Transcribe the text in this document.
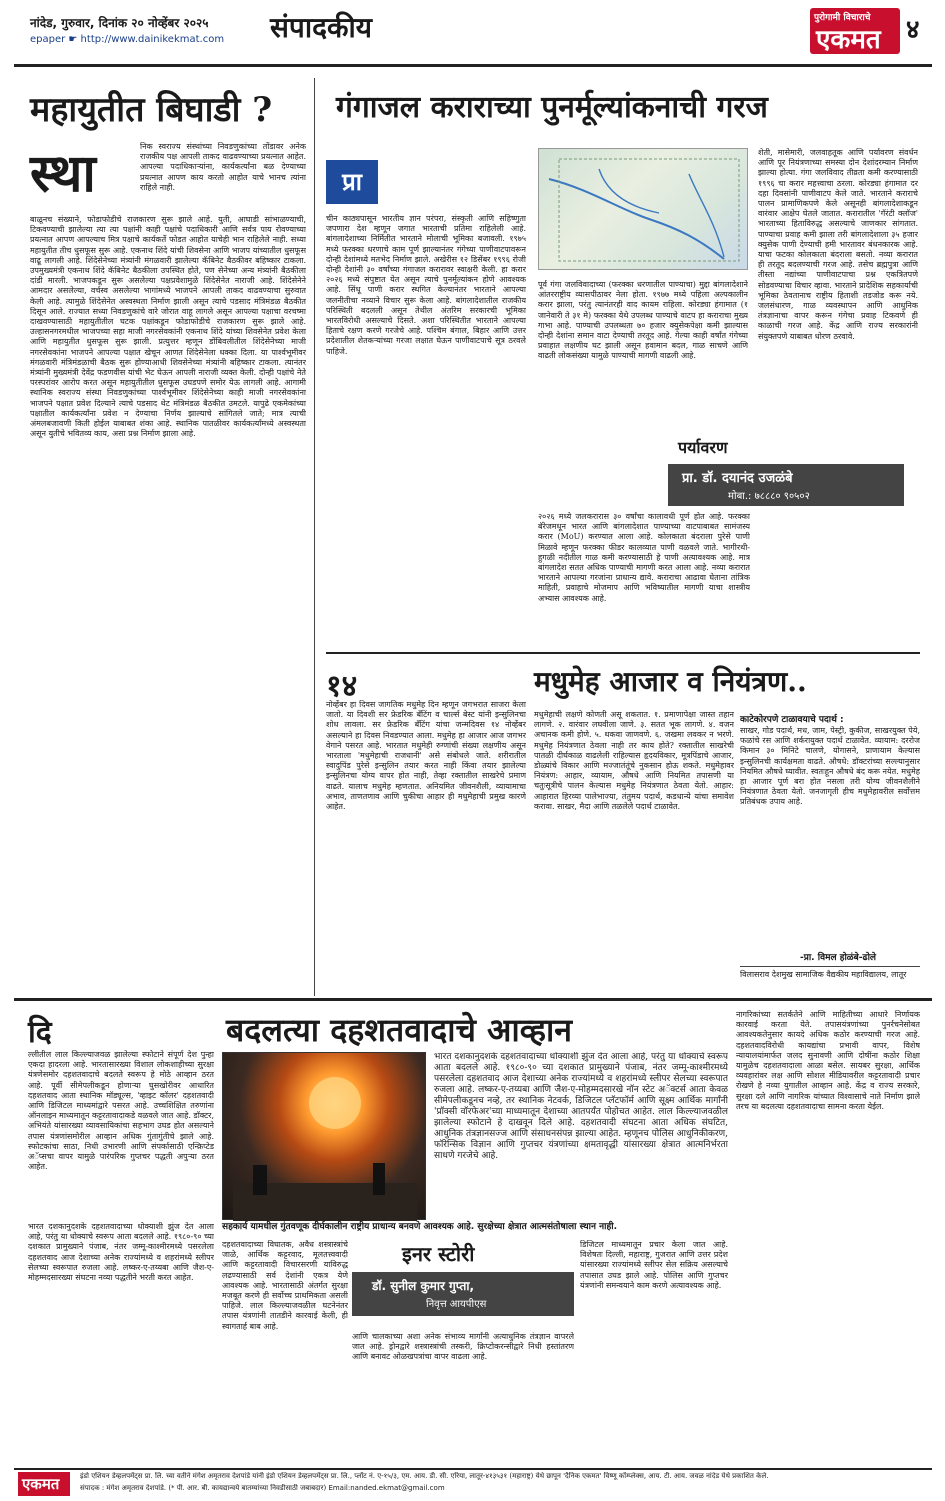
नांदेड, गुरुवार, दिनांक २० नोव्हेंबर २०२५
epaper ☛ http://www.dainikekmat.com संपादकीय	पुरोगामी विचाराचे
एकमत ४
महायुतीत बिघाडी ?
स्था	निक स्वराज्य संस्थांच्या निवडणुकांच्या तोंडावर अनेक राजकीय पक्ष आपली ताकद वाढवण्याच्या प्रयत्नात आहेत. आपल्या पदाधिकाऱ्यांना, कार्यकर्त्यांना बळ देण्याच्या प्रयत्नात आपण काय करतो आहोत याचे भानच त्यांना राहिले नाही.
बाळूनच संख्याने, फोडाफोडीचे राजकारण सुरू झाले आहे. युती, आघाडी सांभाळण्याची, टिकवण्याची झालेल्या त्या त्या पक्षांनी काही पक्षांचे पदाधिकारी आणि सर्वत्र पाय रोवण्याच्या प्रयत्नात आपण आपल्याच मित्र पक्षाचे कार्यकर्ते फोडत आहोत याचेही भान राहिलेले नाही. सध्या महायुतीत तीच धुसफूस सुरू आहे. एकनाथ शिंदे यांची शिवसेना आणि भाजप यांच्यातील धुसफूस वाढू लागली आहे. शिंदेसेनेच्या मंत्र्यांनी मंगळवारी झालेल्या कॅबिनेट बैठकीवर बहिष्कार टाकला. उपमुख्यमंत्री एकनाथ शिंदे कॅबिनेट बैठकीला उपस्थित होते, पण सेनेच्या अन्य मंत्र्यांनी बैठकीला दांडी मारली. भाजपकडून सुरू असलेल्या पक्षप्रवेशामुळे शिंदेसेनेत नाराजी आहे. शिंदेसेनेने आमदार असलेल्या, वर्चस्व असलेल्या भागांमध्ये भाजपने आपली ताकद वाढवण्याचा सुरुवात केली आहे. त्यामुळे शिंदेसेनेत अस्वस्थता निर्माण झाली असून त्याचे पडसाद मंत्रिमंडळ बैठकीत दिसून आले. राज्यात सध्या निवडणुकांचे वारे जोरात वाहू लागले असून आपल्या पक्षाचा वरचष्मा दाखवण्यासाठी महायुतीतील घटक पक्षांकडून फोडाफोडीचे राजकारण सुरू झाले आहे. उल्हासनगरमधील भाजपच्या सहा माजी नगरसेवकांनी एकनाथ शिंदे यांच्या शिवसेनेत प्रवेश केला आणि महायुतीत धुसफूस सुरू झाली. प्रत्युत्तर म्हणून डोंबिवलीतील शिंदेसेनेच्या माजी नगरसेवकांना भाजपने आपल्या पक्षात खेचून आणत शिंदेसेनेला धक्का दिला. या पार्श्वभूमीवर मंगळवारी मंत्रिमंडळाची बैठक सुरू होण्याआधी शिवसेनेच्या मंत्र्यांनी बहिष्कार टाकला. त्यानंतर मंत्र्यांनी मुख्यमंत्री देवेंद्र फडणवीस यांची भेट घेऊन आपली नाराजी व्यक्त केली. दोन्ही पक्षांचे नेते परस्परांवर आरोप करत असून महायुतीतील धुसफूस उघडपणे समोर येऊ लागली आहे. आगामी स्थानिक स्वराज्य संस्था निवडणुकांच्या पार्श्वभूमीवर शिंदेसेनेच्या काही माजी नगरसेवकांना भाजपने पक्षात प्रवेश दिल्याने त्याचे पडसाद थेट मंत्रिमंडळ बैठकीत उमटले. यापुढे एकमेकांच्या पक्षातील कार्यकर्त्यांना प्रवेश न देण्याचा निर्णय झाल्याचे सांगितले जाते; मात्र त्याची अंमलबजावणी किती होईल याबाबत शंका आहे. स्थानिक पातळीवर कार्यकर्त्यांमध्ये अस्वस्थता असून युतीचे भवितव्य काय, असा प्रश्न निर्माण झाला आहे.
गंगाजल कराराच्या पुनर्मूल्यांकनाची गरज
प्रा
चीन काठ्यपासून भारतीय ज्ञान परंपरा, संस्कृती आणि सहिष्णुता जपणारा देश म्हणून जगात भारताची प्रतिमा राहिलेली आहे. बांगलादेशाच्या निर्मितीत भारताने मोलाची भूमिका बजावली. १९७५ मध्ये फरक्का धरणाचे काम पूर्ण झाल्यानंतर गंगेच्या पाणीवाटपावरून दोन्ही देशांमध्ये मतभेद निर्माण झाले. अखेरीस १२ डिसेंबर १९९६ रोजी दोन्ही देशांनी ३० वर्षांच्या गंगाजल करारावर स्वाक्षरी केली. हा करार २०२६ मध्ये संपुष्टात येत असून त्याचे पुनर्मूल्यांकन होणे आवश्यक आहे. सिंधू पाणी करार स्थगित केल्यानंतर भारताने आपल्या जलनीतीचा नव्याने विचार सुरू केला आहे. बांगलादेशातील राजकीय परिस्थिती बदलली असून तेथील अंतरिम सरकारची भूमिका भारतविरोधी असल्याचे दिसते. अशा परिस्थितीत भारताने आपल्या हिताचे रक्षण करणे गरजेचे आहे. पश्चिम बंगाल, बिहार आणि उत्तर प्रदेशातील शेतकऱ्यांच्या गरजा लक्षात घेऊन पाणीवाटपाचे सूत्र ठरवले पाहिजे.
पूर्व गंगा जलविवादाच्या (फरक्का धरणातील पाण्याचा) मुद्दा बांगलादेशाने आंतरराष्ट्रीय व्यासपीठावर नेला होता. १९७७ मध्ये पहिला अल्पकालीन करार झाला, परंतु त्यानंतरही वाद कायम राहिला. कोरड्या हंगामात (१ जानेवारी ते ३१ मे) फरक्का येथे उपलब्ध पाण्याचे वाटप हा कराराचा मुख्य गाभा आहे. पाण्याची उपलब्धता ७० हजार क्युसेकपेक्षा कमी झाल्यास दोन्ही देशांना समान वाटा देण्याची तरतूद आहे. गेल्या काही वर्षांत गंगेच्या प्रवाहात लक्षणीय घट झाली असून हवामान बदल, गाळ साचणे आणि वाढती लोकसंख्या यामुळे पाण्याची मागणी वाढली आहे.
पर्यावरण
प्रा. डॉ. दयानंद उजळंबे
मोबा.: ७८८८० ९०५०२
२०२६ मध्ये जलकरारास ३० वर्षांचा कालावधी पूर्ण होत आहे. फरक्का बॅरेजमधून भारत आणि बांगलादेशात पाण्याच्या वाटपाबाबत सामंजस्य करार (MoU) करण्यात आला आहे. कोलकाता बंदराला पुरेसे पाणी मिळावे म्हणून फरक्का फीडर कालव्यात पाणी वळवले जाते. भागीरथी-हुगळी नदीतील गाळ कमी करण्यासाठी हे पाणी अत्यावश्यक आहे. मात्र बांगलादेश सतत अधिक पाण्याची मागणी करत आला आहे. नव्या करारात भारताने आपल्या गरजांना प्राधान्य द्यावे. कराराचा आढावा घेताना तांत्रिक माहिती, प्रवाहाचे मोजमाप आणि भविष्यातील मागणी याचा शास्त्रीय अभ्यास आवश्यक आहे.
शेती, मासेमारी, जलवाहतूक आणि पर्यावरण संवर्धन आणि पूर नियंत्रणाच्या समस्या दोन देशांदरम्यान निर्माण झाल्या होत्या. गंगा जलविवाद तीव्रता कमी करण्यासाठी १९९६ चा करार महत्त्वाचा ठरला. कोरड्या हंगामात दर दहा दिवसांनी पाणीवाटप केले जाते. भारताने कराराचे पालन प्रामाणिकपणे केले असूनही बांगलादेशाकडून वारंवार आक्षेप घेतले जातात. करारातील 'गॅरंटी क्लॉज' भारताच्या हिताविरुद्ध असल्याचे जाणकार सांगतात. पाण्याचा प्रवाह कमी झाला तरी बांगलादेशाला ३५ हजार क्युसेक पाणी देण्याची हमी भारतावर बंधनकारक आहे. याचा फटका कोलकाता बंदराला बसतो. नव्या करारात ही तरतूद बदलण्याची गरज आहे. तसेच ब्रह्मपुत्रा आणि तीस्ता नद्यांच्या पाणीवाटपाचा प्रश्न एकत्रितपणे सोडवण्याचा विचार व्हावा. भारताने प्रादेशिक सहकार्याची भूमिका ठेवतानाच राष्ट्रीय हिताशी तडजोड करू नये. जलसंधारण, गाळ व्यवस्थापन आणि आधुनिक तंत्रज्ञानाचा वापर करून गंगेचा प्रवाह टिकवणे ही काळाची गरज आहे. केंद्र आणि राज्य सरकारांनी संयुक्तपणे याबाबत धोरण ठरवावे.
१४
नोव्हेंबर हा दिवस जागतिक मधुमेह दिन म्हणून जगभरात साजरा केला जातो. या दिवशी सर फ्रेडरिक बँटिंग व चार्ल्स बेस्ट यांनी इन्सुलिनचा शोध लावला. सर फ्रेडरिक बँटिंग यांचा जन्मदिवस १४ नोव्हेंबर असल्याने हा दिवस निवडण्यात आला. मधुमेह हा आजार आज जगभर वेगाने पसरत आहे. भारतात मधुमेही रुग्णांची संख्या लक्षणीय असून भारताला 'मधुमेहाची राजधानी' असे संबोधले जाते. शरीरातील स्वादुपिंड पुरेसे इन्सुलिन तयार करत नाही किंवा तयार झालेल्या इन्सुलिनचा योग्य वापर होत नाही, तेव्हा रक्तातील साखरेचे प्रमाण वाढते. यालाच मधुमेह म्हणतात. अनियमित जीवनशैली, व्यायामाचा अभाव, ताणतणाव आणि चुकीचा आहार ही मधुमेहाची प्रमुख कारणे आहेत.
मधुमेह आजार व नियंत्रण..
मधुमेहाची लक्षणे कोणती असू शकतात. १. प्रमाणापेक्षा जास्त तहान लागणे. २. वारंवार लघवीला जाणे. ३. सतत भूक लागणे. ४. वजन अचानक कमी होणे. ५. थकवा जाणवणे. ६. जखमा लवकर न भरणे. मधुमेह नियंत्रणात ठेवला नाही तर काय होते? रक्तातील साखरेची पातळी दीर्घकाळ वाढलेली राहिल्यास हृदयविकार, मूत्रपिंडाचे आजार, डोळ्यांचे विकार आणि मज्जातंतूंचे नुकसान होऊ शकते. मधुमेहावर नियंत्रण: आहार, व्यायाम, औषधे आणि नियमित तपासणी या चतुःसूत्रीचे पालन केल्यास मधुमेह नियंत्रणात ठेवता येतो. आहार: आहारात हिरव्या पालेभाज्या, तंतुमय पदार्थ, कडधान्ये यांचा समावेश करावा. साखर, मैदा आणि तळलेले पदार्थ टाळावेत.
काटेकोरपणे टाळावयाचे पदार्थ :
साखर, गोड पदार्थ, मध, जाम, पेस्ट्री, कुकीज, साखरयुक्त पेये, फळांचे रस आणि शर्करायुक्त पदार्थ टाळावेत. व्यायाम: दररोज किमान ३० मिनिटे चालणे, योगासने, प्राणायाम केल्यास इन्सुलिनची कार्यक्षमता वाढते. औषधे: डॉक्टरांच्या सल्ल्यानुसार नियमित औषधे घ्यावीत. स्वतःहून औषधे बंद करू नयेत. मधुमेह हा आजार पूर्ण बरा होत नसला तरी योग्य जीवनशैलीने नियंत्रणात ठेवता येतो. जनजागृती हीच मधुमेहावरील सर्वोत्तम प्रतिबंधक उपाय आहे.
-प्रा. विमल होळंबे-ढोले
विलासराव देशमुख सामाजिक वैद्यकीय महाविद्यालय, लातूर
दि
ल्लीतील लाल किल्ल्याजवळ झालेल्या स्फोटाने संपूर्ण देश पुन्हा एकदा हादरला आहे. भारतासारख्या विशाल लोकशाहीच्या सुरक्षा यंत्रणेसमोर दहशतवादाचे बदलते स्वरूप हे मोठे आव्हान ठरत आहे. पूर्वी सीमेपलीकडून होणाऱ्या घुसखोरीवर आधारित दहशतवाद आता स्थानिक मॉड्यूल्स, 'व्हाइट कॉलर' दहशतवादी आणि डिजिटल माध्यमांद्वारे पसरत आहे. उच्चशिक्षित तरुणांना ऑनलाइन माध्यमातून कट्टरतावादाकडे वळवले जात आहे. डॉक्टर, अभियंते यांसारख्या व्यावसायिकांचा सहभाग उघड होत असल्याने तपास यंत्रणांसमोरील आव्हान अधिक गुंतागुंतीचे झाले आहे. स्फोटकांचा साठा, निधी उभारणी आणि संपर्कासाठी एन्क्रिप्टेड अॅप्सचा वापर यामुळे पारंपरिक गुप्तचर पद्धती अपुऱ्या ठरत आहेत.
भारत दशकानुदशके दहशतवादाच्या धोक्याशी झुंज देत आला आहे, परंतु या धोक्याचे स्वरूप आता बदलले आहे. १९८०-९० च्या दशकात प्रामुख्याने पंजाब, नंतर जम्मू-काश्मीरमध्ये पसरलेला दहशतवाद आज देशाच्या अनेक राज्यांमध्ये व शहरांमध्ये स्लीपर सेलच्या स्वरूपात रुजला आहे. लष्कर-ए-तय्यबा आणि जैश-ए-मोहम्मदसारख्या संघटना नव्या पद्धतीने भरती करत आहेत.
बदलत्या दहशतवादाचे आव्हान
सहकार्य यामधील गुंतवणूक दीर्घकालीन राष्ट्रीय प्राधान्य बनवणे आवश्यक आहे. सुरक्षेच्या क्षेत्रात आत्मसंतोषाला स्थान नाही.
भारत दशकानुदशके दहशतवादाच्या धोक्याशी झुंज देत आला आहे, परंतु या धोक्याचे स्वरूप आता बदलले आहे. १९८०-९० च्या दशकात प्रामुख्याने पंजाब, नंतर जम्मू-काश्मीरमध्ये पसरलेला दहशतवाद आज देशाच्या अनेक राज्यांमध्ये व शहरांमध्ये स्लीपर सेलच्या स्वरूपात रुजला आहे. लष्कर-ए-तय्यबा आणि जैश-ए-मोहम्मदसारखे नॉन स्टेट अॅक्टर्स आता केवळ सीमेपलीकडूनच नव्हे, तर स्थानिक नेटवर्क, डिजिटल प्लॅटफॉर्म आणि सूक्ष्म आर्थिक मार्गांनी 'प्रॉक्सी वॉरफेअर'च्या माध्यमातून देशाच्या आतपर्यंत पोहोचत आहेत. लाल किल्ल्याजवळील झालेल्या स्फोटाने हे दाखवून दिले आहे. दहशतवादी संघटना आता अधिक संघटित, आधुनिक तंत्रज्ञानसज्ज आणि संसाधनसंपन्न झाल्या आहेत. म्हणूनच पोलिस आधुनिकीकरण, फॉरेन्सिक विज्ञान आणि गुप्तचर यंत्रणांच्या क्षमतावृद्धी यांसारख्या क्षेत्रात आत्मनिर्भरता साधणे गरजेचे आहे.
दहशतवादाच्या विघातक, अवैध शस्त्रास्त्रांचे जाळे, आर्थिक कट्टरवाद, मूलतत्त्ववादी आणि कट्टरतावादी विचारसरणी याविरुद्ध लढण्यासाठी सर्व देशांनी एकत्र येणे आवश्यक आहे. भारतासाठी अंतर्गत सुरक्षा मजबूत करणे ही सर्वोच्च प्राथमिकता असली पाहिजे. लाल किल्ल्याजवळील घटनेनंतर तपास यंत्रणांनी तातडीने कारवाई केली, ही स्वागतार्ह बाब आहे.
इनर स्टोरी
डॉ. सुनील कुमार गुप्ता,
निवृत्त आयपीएस
आणि चालकाच्या अशा अनेक संभाव्य मार्गांनी अत्याधुनिक तंत्रज्ञान वापरले जात आहे. ड्रोनद्वारे शस्त्रास्त्रांची तस्करी, क्रिप्टोकरन्सीद्वारे निधी हस्तांतरण आणि बनावट ओळखपत्रांचा वापर वाढला आहे.
डिजिटल माध्यमातून प्रचार केला जात आहे. विशेषतः दिल्ली, महाराष्ट्र, गुजरात आणि उत्तर प्रदेश यांसारख्या राज्यांमध्ये स्लीपर सेल सक्रिय असल्याचे तपासात उघड झाले आहे. पोलिस आणि गुप्तचर यंत्रणांनी समन्वयाने काम करणे अत्यावश्यक आहे.
नागरिकांच्या सतर्कतेने आणि माहितीच्या आधारे निर्णायक कारवाई करता येते. तपासयंत्रणांच्या पुनर्रचनेसोबत आवश्यकतेनुसार कायदे अधिक कठोर करण्याची गरज आहे. दहशतवादविरोधी कायद्यांचा प्रभावी वापर, विशेष न्यायालयांमार्फत जलद सुनावणी आणि दोषींना कठोर शिक्षा यामुळेच दहशतवादाला आळा बसेल. सायबर सुरक्षा, आर्थिक व्यवहारांवर लक्ष आणि सोशल मीडियावरील कट्टरतावादी प्रचार रोखणे हे नव्या युगातील आव्हान आहे. केंद्र व राज्य सरकारे, सुरक्षा दले आणि नागरिक यांच्यात विश्वासाचे नाते निर्माण झाले तरच या बदलत्या दहशतवादाचा सामना करता येईल.
एकमत	इंडो एशियन डेव्हलपमेंट्स प्रा. लि. च्या वतीने मंगेश अमृतराव देशपांडे यांनी इंडो एशियन डेव्हलपमेंट्स प्रा. लि., प्लॉट नं. ए-१५/३, एम. आय. डी. सी. एरिया, लातूर-४१३५३१ (महाराष्ट्र) येथे छापून 'दैनिक एकमत' विष्णू कॉम्प्लेक्स, आय. टी. आय. जवळ नांदेड येथे प्रकाशित केले.
संपादक : मंगेश अमृतराव देशपांडे. (* पी. आर. बी. कायद्यान्वये बातम्यांच्या निवडीसाठी जबाबदार) Email:nanded.ekmat@gmail.com
